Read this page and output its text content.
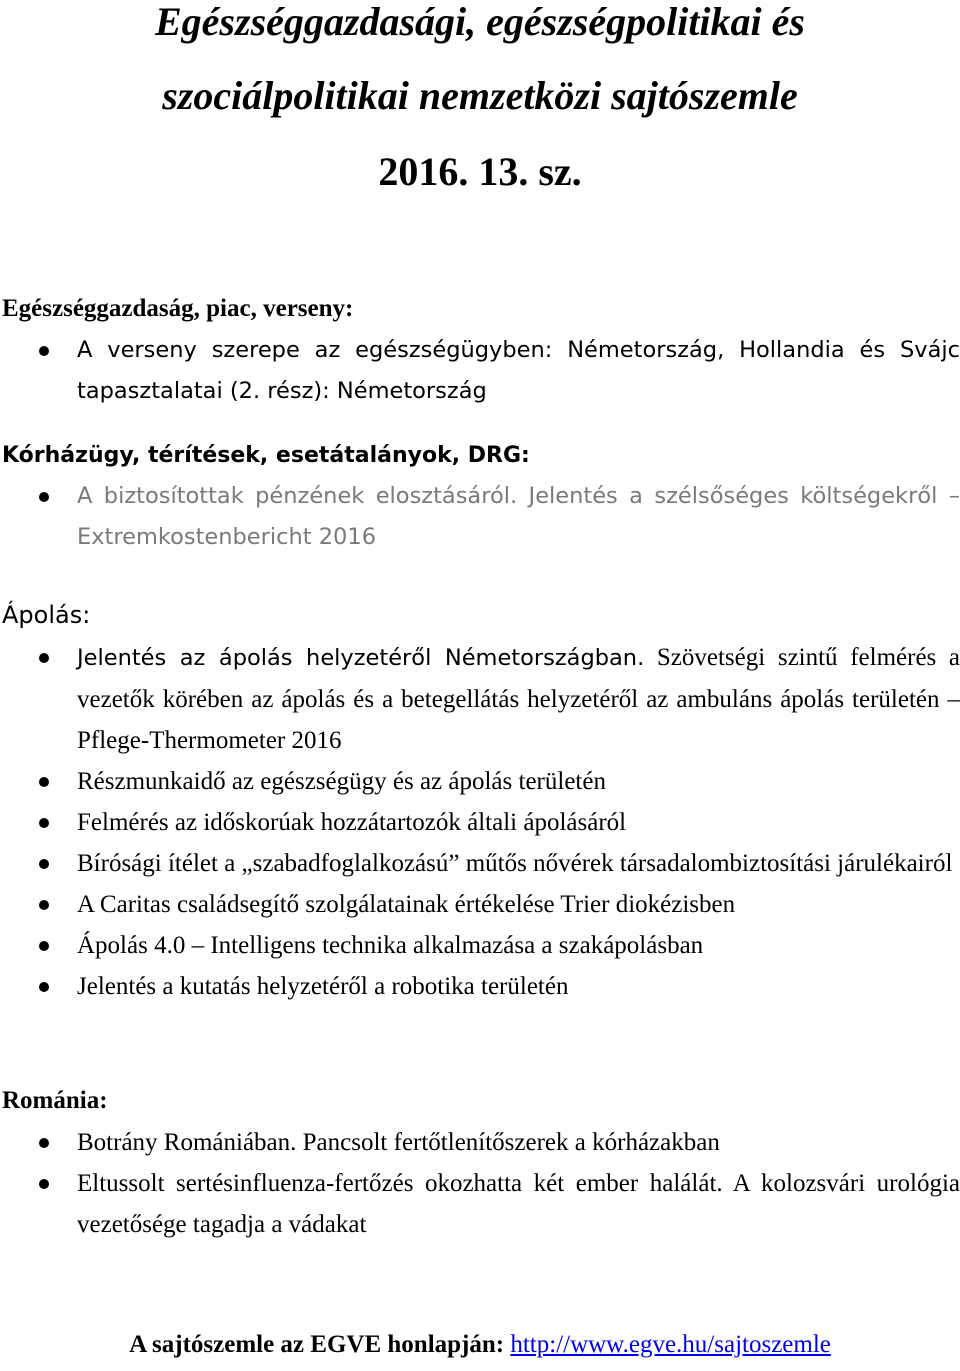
Egészséggazdasági, egészségpolitikai és
szociálpolitikai nemzetközi sajtószemle
2016. 13. sz.
Egészséggazdaság, piac, verseny:
A verseny szerepe az egészségügyben: Németország, Hollandia és Svájc tapasztalatai (2. rész): Németország
Kórházügy, térítések, esetátalányok, DRG:
A biztosítottak pénzének elosztásáról. Jelentés a szélsőséges költségekről – Extremkostenbericht 2016
Ápolás:
Jelentés az ápolás helyzetéről Németországban. Szövetségi szintű felmérés a vezetők körében az ápolás és a betegellátás helyzetéről az ambuláns ápolás területén – Pflege-Thermometer 2016
Részmunkaidő az egészségügy és az ápolás területén
Felmérés az időskorúak hozzátartozók általi ápolásáról
Bírósági ítélet a „szabadfoglalkozású” műtős nővérek társadalombiztosítási járulékairól
A Caritas családsegítő szolgálatainak értékelése Trier diokézisben
Ápolás 4.0 – Intelligens technika alkalmazása a szakápolásban
Jelentés a kutatás helyzetéről a robotika területén
Románia:
Botrány Romániában. Pancsolt fertőtlenítőszerek a kórházakban
Eltussolt sertésinfluenza-fertőzés okozhatta két ember halálát. A kolozsvári urológia vezetősége tagadja a vádakat
A sajtószemle az EGVE honlapján: http://www.egve.hu/sajtoszemle
